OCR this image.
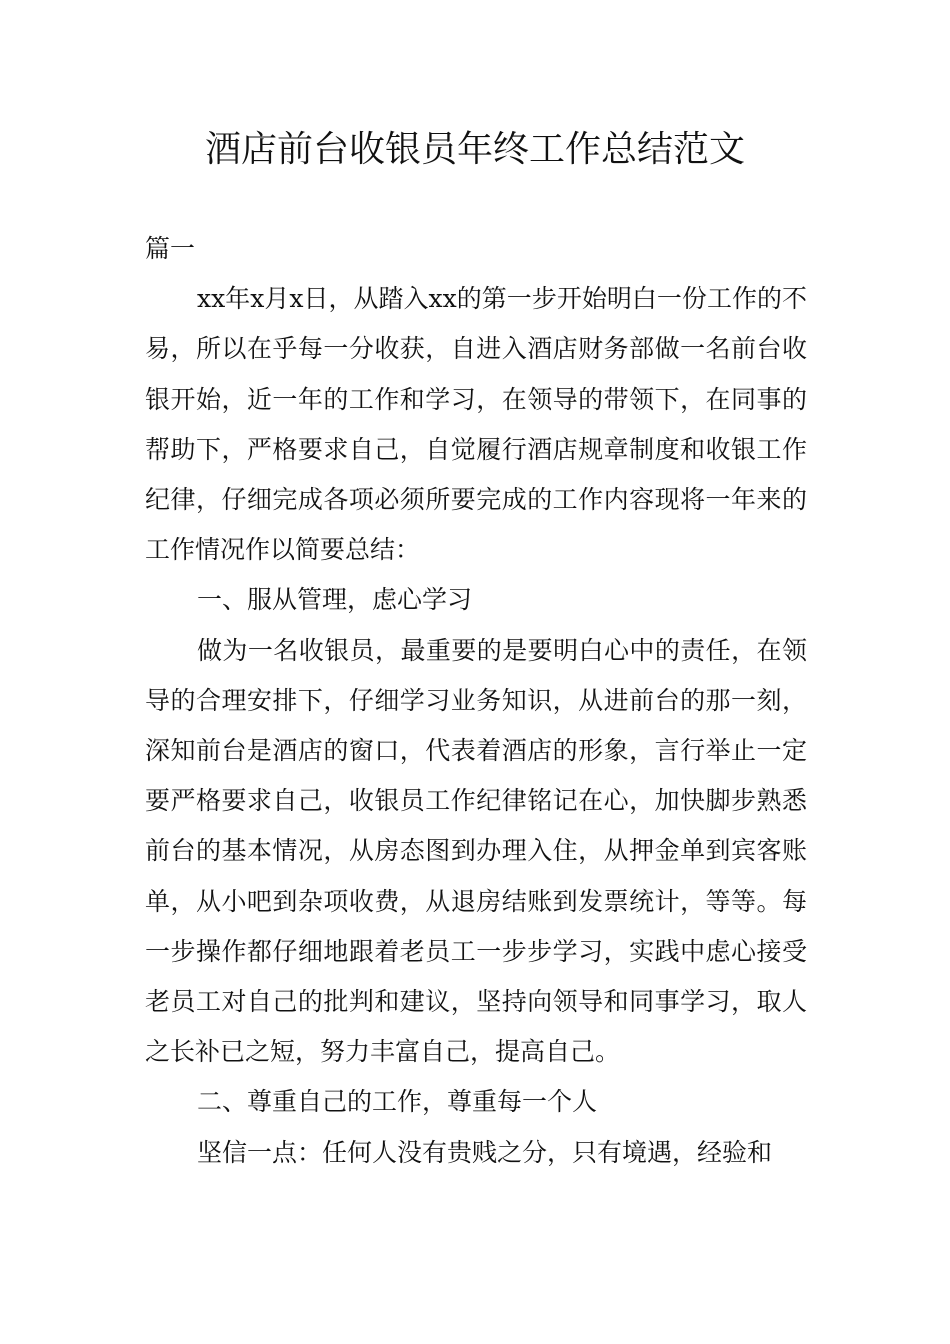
酒店前台收银员年终工作总结范文

篇一

xx年x月x日，从踏入xx的第一步开始明白一份工作的不易，所以在乎每一分收获，自进入酒店财务部做一名前台收银开始，近一年的工作和学习，在领导的带领下，在同事的帮助下，严格要求自己，自觉履行酒店规章制度和收银工作纪律，仔细完成各项必须所要完成的工作内容现将一年来的工作情况作以简要总结：

一、服从管理，虑心学习

做为一名收银员，最重要的是要明白心中的责任，在领导的合理安排下，仔细学习业务知识，从进前台的那一刻，深知前台是酒店的窗口，代表着酒店的形象，言行举止一定要严格要求自己，收银员工作纪律铭记在心，加快脚步熟悉前台的基本情况，从房态图到办理入住，从押金单到宾客账单，从小吧到杂项收费，从退房结账到发票统计，等等。每一步操作都仔细地跟着老员工一步步学习，实践中虑心接受老员工对自己的批判和建议，坚持向领导和同事学习，取人之长补已之短，努力丰富自己，提高自己。

二、尊重自己的工作，尊重每一个人

坚信一点：任何人没有贵贱之分，只有境遇，经验和
